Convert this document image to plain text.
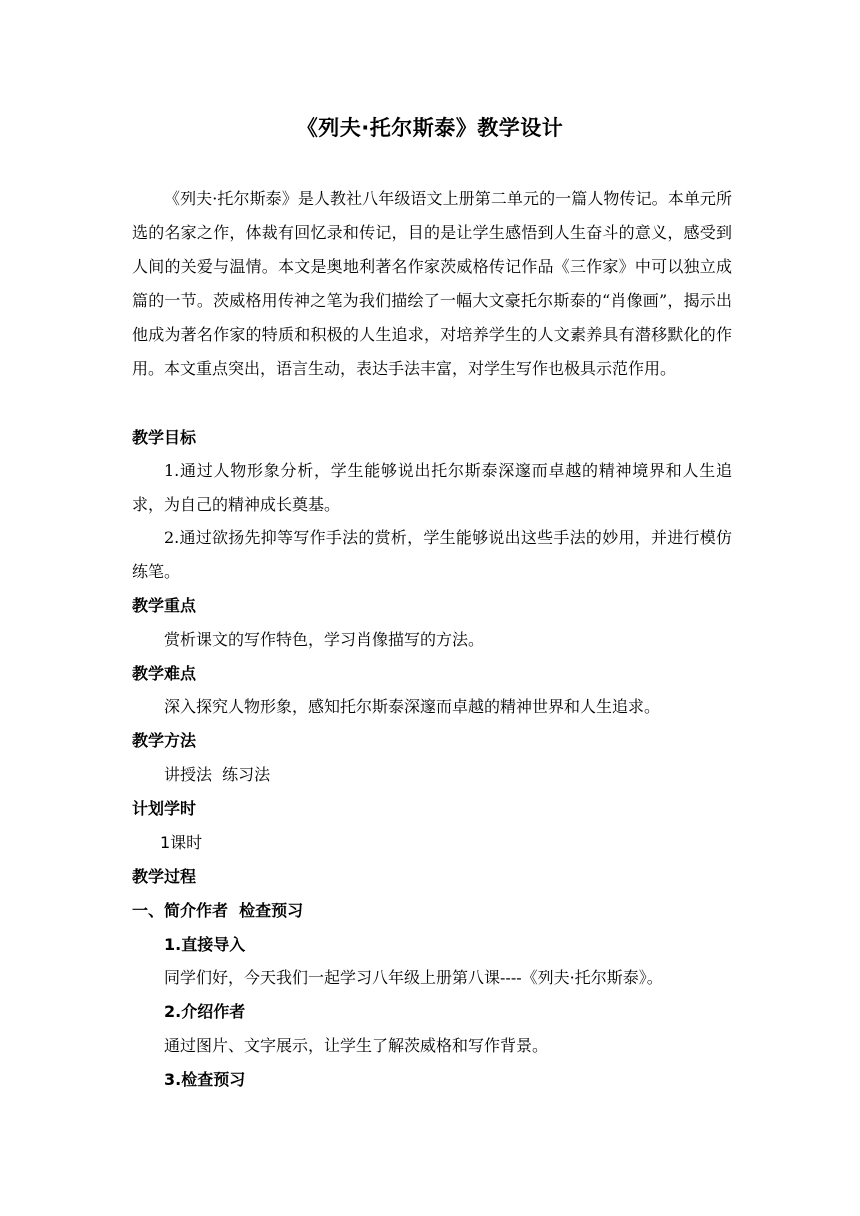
《列夫·托尔斯泰》教学设计

《列夫·托尔斯泰》是人教社八年级语文上册第二单元的一篇人物传记。本单元所选的名家之作，体裁有回忆录和传记，目的是让学生感悟到人生奋斗的意义，感受到人间的关爱与温情。本文是奥地利著名作家茨威格传记作品《三作家》中可以独立成篇的一节。茨威格用传神之笔为我们描绘了一幅大文豪托尔斯泰的“肖像画”，揭示出他成为著名作家的特质和积极的人生追求，对培养学生的人文素养具有潜移默化的作用。本文重点突出，语言生动，表达手法丰富，对学生写作也极具示范作用。

教学目标

1.通过人物形象分析，学生能够说出托尔斯泰深邃而卓越的精神境界和人生追求，为自己的精神成长奠基。

2.通过欲扬先抑等写作手法的赏析，学生能够说出这些手法的妙用，并进行模仿练笔。

教学重点
赏析课文的写作特色，学习肖像描写的方法。
教学难点
深入探究人物形象，感知托尔斯泰深邃而卓越的精神世界和人生追求。
教学方法
讲授法  练习法
计划学时
1课时
教学过程
一、简介作者  检查预习
1.直接导入
同学们好，今天我们一起学习八年级上册第八课----《列夫·托尔斯泰》。
2.介绍作者
通过图片、文字展示，让学生了解茨威格和写作背景。
3.检查预习
